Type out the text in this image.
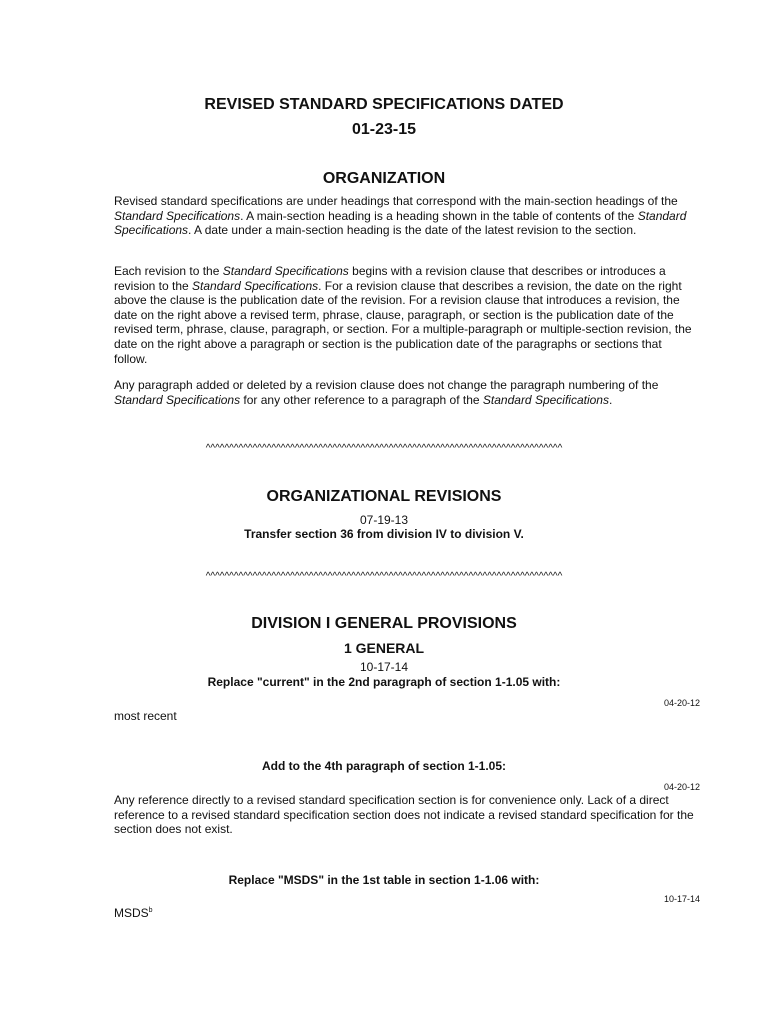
REVISED STANDARD SPECIFICATIONS DATED
01-23-15
ORGANIZATION

Revised standard specifications are under headings that correspond with the main-section headings of the Standard Specifications. A main-section heading is a heading shown in the table of contents of the Standard Specifications. A date under a main-section heading is the date of the latest revision to the section.

Each revision to the Standard Specifications begins with a revision clause that describes or introduces a revision to the Standard Specifications. For a revision clause that describes a revision, the date on the right above the clause is the publication date of the revision. For a revision clause that introduces a revision, the date on the right above a revised term, phrase, clause, paragraph, or section is the publication date of the revised term, phrase, clause, paragraph, or section. For a multiple-paragraph or multiple-section revision, the date on the right above a paragraph or section is the publication date of the paragraphs or sections that follow.

Any paragraph added or deleted by a revision clause does not change the paragraph numbering of the Standard Specifications for any other reference to a paragraph of the Standard Specifications.

^^^^^^^^^^^^^^^^^^^^^^^^^^^^^^^^^^^^^^^^^^^^^^^^^^^^^^^^^^^^^^^^^^^^^^^^^^^^
ORGANIZATIONAL REVISIONS
07-19-13
Transfer section 36 from division IV to division V.
^^^^^^^^^^^^^^^^^^^^^^^^^^^^^^^^^^^^^^^^^^^^^^^^^^^^^^^^^^^^^^^^^^^^^^^^^^^^
DIVISION I GENERAL PROVISIONS
1 GENERAL
10-17-14
Replace "current" in the 2nd paragraph of section 1-1.05 with:
04-20-12
most recent
Add to the 4th paragraph of section 1-1.05:
04-20-12

Any reference directly to a revised standard specification section is for convenience only. Lack of a direct reference to a revised standard specification section does not indicate a revised standard specification for the section does not exist.

Replace "MSDS" in the 1st table in section 1-1.06 with:
10-17-14
MSDS$^b$
